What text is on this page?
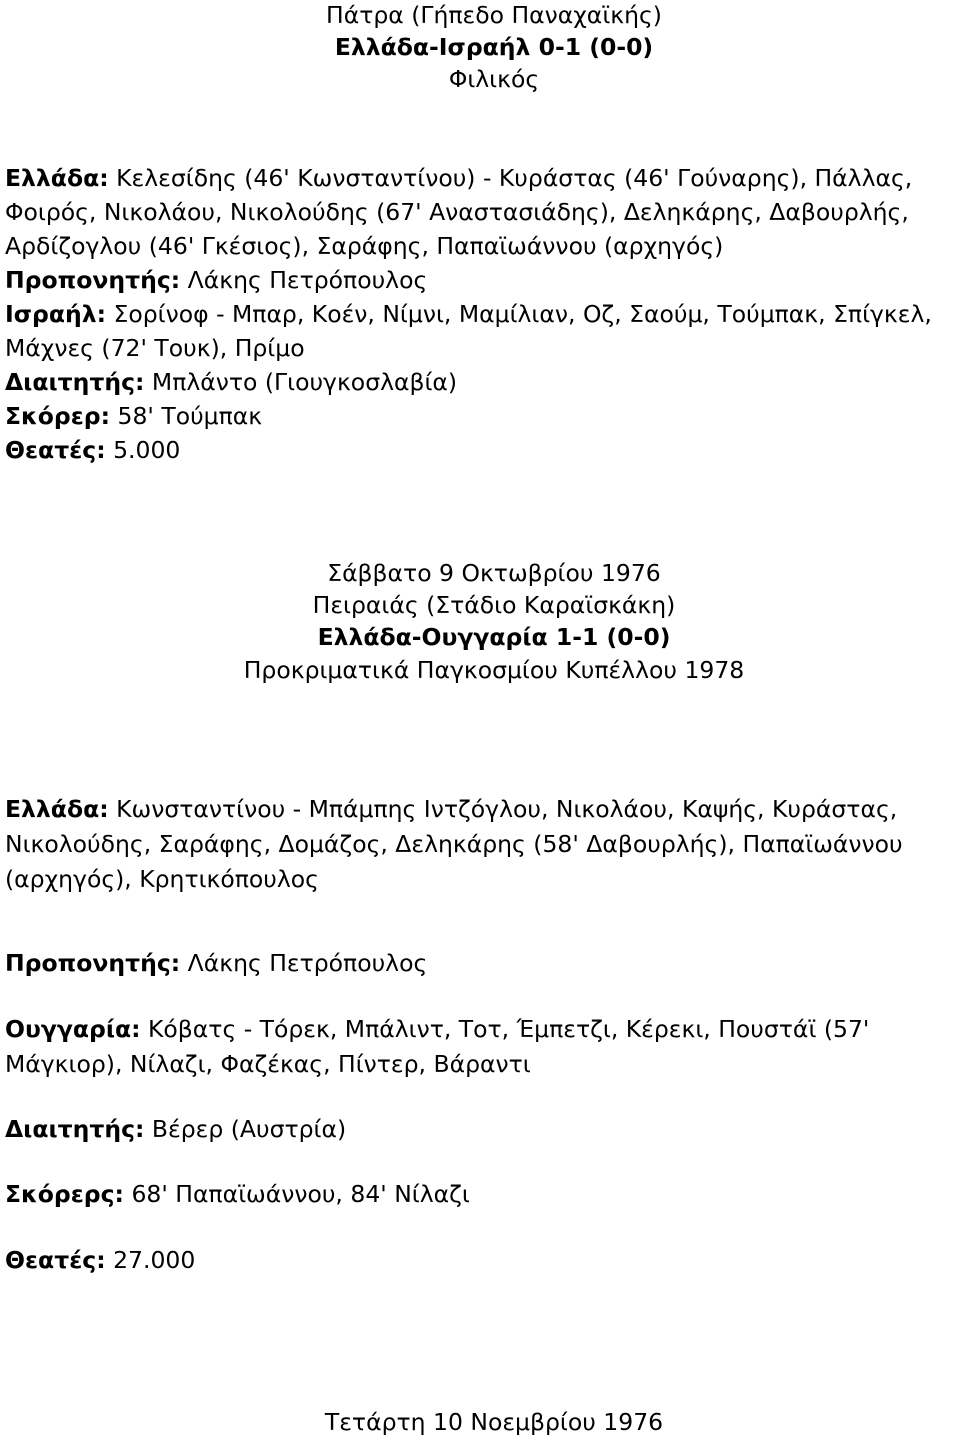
Πάτρα (Γήπεδο Παναχαϊκής)
Ελλάδα-Ισραήλ 0-1 (0-0)
Φιλικός
Ελλάδα: Κελεσίδης (46' Κωνσταντίνου) - Κυράστας (46' Γούναρης), Πάλλας,
Φοιρός, Νικολάου, Νικολούδης (67' Αναστασιάδης), Δεληκάρης, Δαβουρλής,
Αρδίζογλου (46' Γκέσιος), Σαράφης, Παπαϊωάννου (αρχηγός)
Προπονητής: Λάκης Πετρόπουλος
Ισραήλ: Σορίνοφ - Μπαρ, Κοέν, Νίμνι, Μαμίλιαν, Οζ, Σαούμ, Τούμπακ, Σπίγκελ,
Μάχνες (72' Τουκ), Πρίμο
Διαιτητής: Μπλάντο (Γιουγκοσλαβία)
Σκόρερ: 58' Τούμπακ
Θεατές: 5.000
Σάββατο 9 Οκτωβρίου 1976
Πειραιάς (Στάδιο Καραϊσκάκη)
Ελλάδα-Ουγγαρία 1-1 (0-0)
Προκριματικά Παγκοσμίου Κυπέλλου 1978
Ελλάδα: Κωνσταντίνου - Μπάμπης Ιντζόγλου, Νικολάου, Καψής, Κυράστας,
Νικολούδης, Σαράφης, Δομάζος, Δεληκάρης (58' Δαβουρλής), Παπαϊωάννου
(αρχηγός), Κρητικόπουλος
Προπονητής: Λάκης Πετρόπουλος
Ουγγαρία: Κόβατς - Τόρεκ, Μπάλιντ, Τοτ, Έμπετζι, Κέρεκι, Πουστάϊ (57'
Μάγκιορ), Νίλαζι, Φαζέκας, Πίντερ, Βάραντι
Διαιτητής: Βέρερ (Αυστρία)
Σκόρερς: 68' Παπαϊωάννου, 84' Νίλαζι
Θεατές: 27.000
Τετάρτη 10 Νοεμβρίου 1976
